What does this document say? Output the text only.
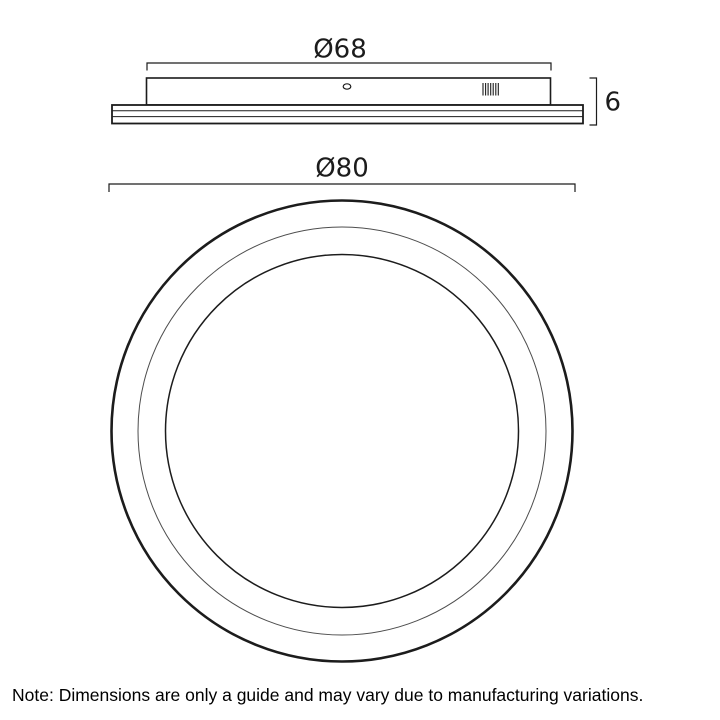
Ø68
6
Ø80
Note: Dimensions are only a guide and may vary due to manufacturing variations.
